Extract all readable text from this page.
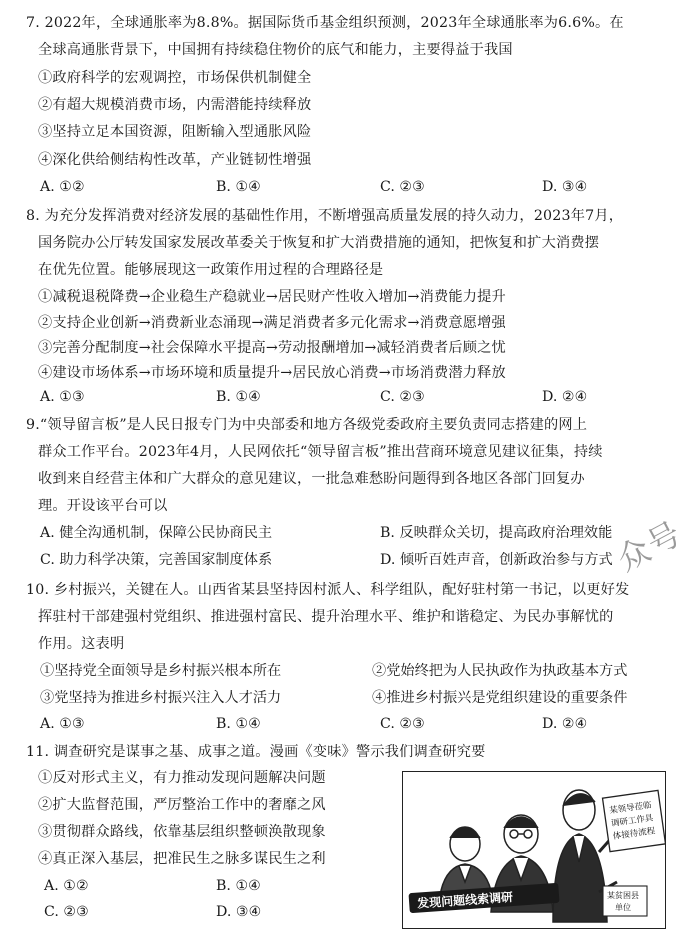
7. 2022年，全球通胀率为8.8%。据国际货币基金组织预测，2023年全球通胀率为6.6%。在
全球高通胀背景下，中国拥有持续稳住物价的底气和能力，主要得益于我国
①政府科学的宏观调控，市场保供机制健全
②有超大规模消费市场，内需潜能持续释放
③坚持立足本国资源，阻断输入型通胀风险
④深化供给侧结构性改革，产业链韧性增强
A. ①②	B. ①④	C. ②③	D. ③④
8. 为充分发挥消费对经济发展的基础性作用，不断增强高质量发展的持久动力，2023年7月，
国务院办公厅转发国家发展改革委关于恢复和扩大消费措施的通知，把恢复和扩大消费摆
在优先位置。能够展现这一政策作用过程的合理路径是
①减税退税降费→企业稳生产稳就业→居民财产性收入增加→消费能力提升
②支持企业创新→消费新业态涌现→满足消费者多元化需求→消费意愿增强
③完善分配制度→社会保障水平提高→劳动报酬增加→减轻消费者后顾之忧
④建设市场体系→市场环境和质量提升→居民放心消费→市场消费潜力释放
A. ①③	B. ①④	C. ②③	D. ②④
9.“领导留言板”是人民日报专门为中央部委和地方各级党委政府主要负责同志搭建的网上
群众工作平台。2023年4月，人民网依托“领导留言板”推出营商环境意见建议征集，持续
收到来自经营主体和广大群众的意见建议，一批急难愁盼问题得到各地区各部门回复办
理。开设该平台可以
A. 健全沟通机制，保障公民协商民主	B. 反映群众关切，提高政府治理效能
C. 助力科学决策，完善国家制度体系	D. 倾听百姓声音，创新政治参与方式
10. 乡村振兴，关键在人。山西省某县坚持因村派人、科学组队，配好驻村第一书记，以更好发
挥驻村干部建强村党组织、推进强村富民、提升治理水平、维护和谐稳定、为民办事解忧的
作用。这表明
①坚持党全面领导是乡村振兴根本所在	②党始终把为人民执政作为执政基本方式
③党坚持为推进乡村振兴注入人才活力	④推进乡村振兴是党组织建设的重要条件
A. ①③	B. ①④	C. ②③	D. ②④
11. 调查研究是谋事之基、成事之道。漫画《变味》警示我们调查研究要
①反对形式主义，有力推动发现问题解决问题
②扩大监督范围，严厉整治工作中的奢靡之风
③贯彻群众路线，依靠基层组织整顿涣散现象
④真正深入基层，把准民生之脉多谋民生之利
A. ①②	B. ①④
C. ②③	D. ③④
某领导莅临
调研工作具
体接待流程
某贫困县
单位
发现问题线索调研
众号
